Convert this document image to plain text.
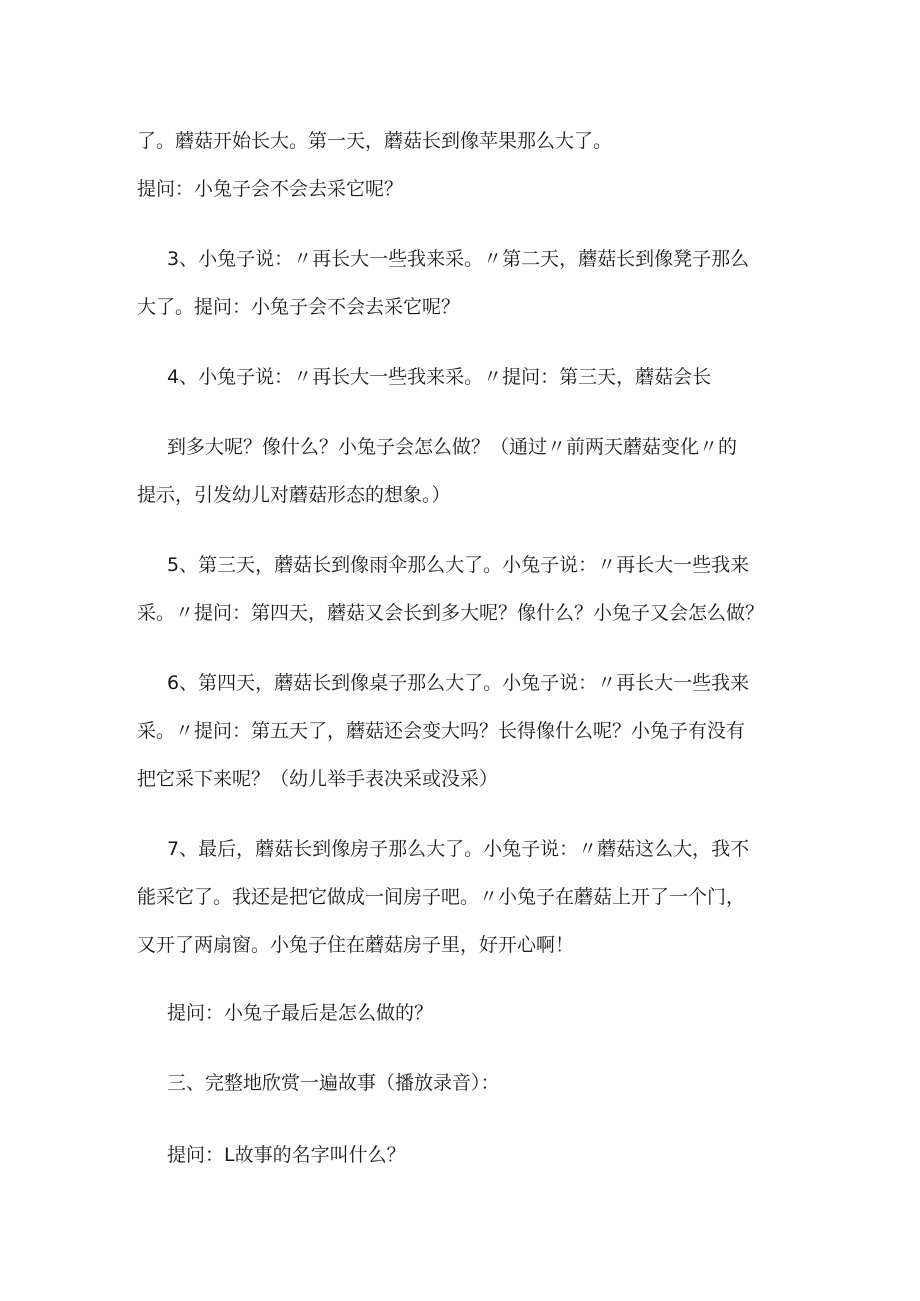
了。蘑菇开始长大。第一天，蘑菇长到像苹果那么大了。
提问：小兔子会不会去采它呢？
3、小兔子说：〃再长大一些我来采。〃第二天，蘑菇长到像凳子那么
大了。提问：小兔子会不会去采它呢？
4、小兔子说：〃再长大一些我来采。〃提问：第三天，蘑菇会长
到多大呢？像什么？小兔子会怎么做？（通过〃前两天蘑菇变化〃的
提示，引发幼儿对蘑菇形态的想象。）
5、第三天，蘑菇长到像雨伞那么大了。小兔子说：〃再长大一些我来
采。〃提问：第四天，蘑菇又会长到多大呢？像什么？小兔子又会怎么做？
6、第四天，蘑菇长到像桌子那么大了。小兔子说：〃再长大一些我来
采。〃提问：第五天了，蘑菇还会变大吗？长得像什么呢？小兔子有没有
把它采下来呢？（幼儿举手表决采或没采）
7、最后，蘑菇长到像房子那么大了。小兔子说：〃蘑菇这么大，我不
能采它了。我还是把它做成一间房子吧。〃小兔子在蘑菇上开了一个门，
又开了两扇窗。小兔子住在蘑菇房子里，好开心啊！
提问：小兔子最后是怎么做的？
三、完整地欣赏一遍故事（播放录音）：
提问：L故事的名字叫什么？
